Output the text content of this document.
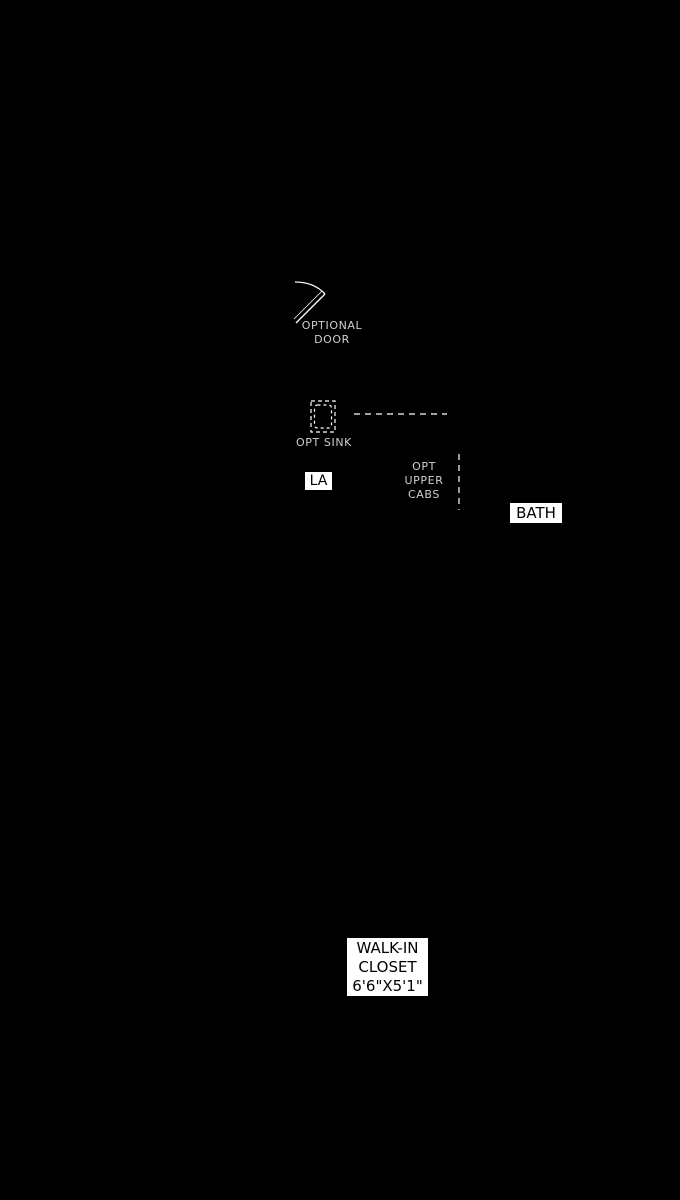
OPTIONAL
DOOR
OPT SINK
OPT
UPPER
CABS
LA
BATH
WALK-IN
CLOSET
6'6"X5'1"
